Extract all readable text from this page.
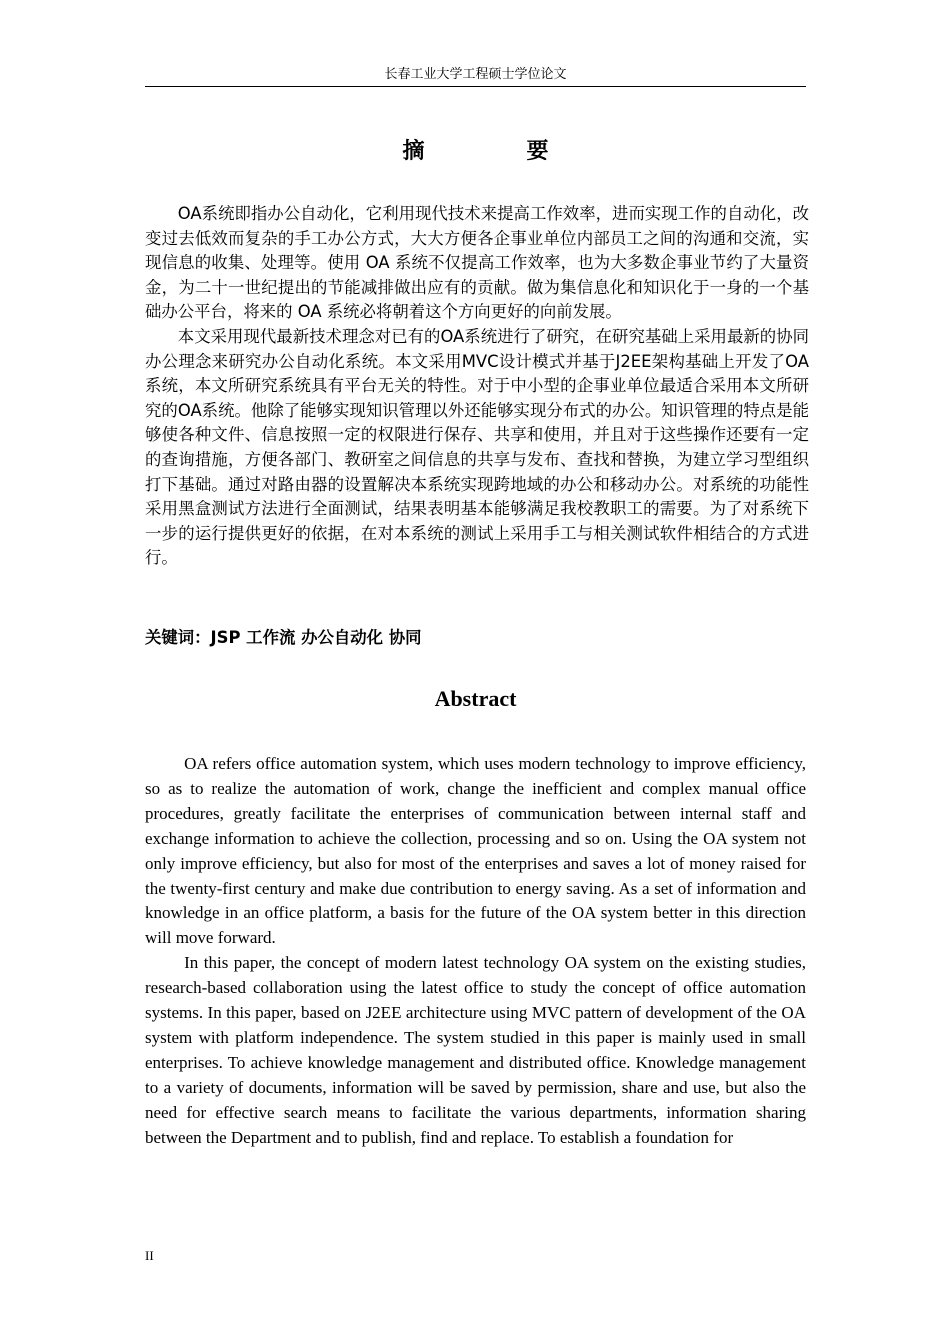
长春工业大学工程硕士学位论文
摘　要

OA系统即指办公自动化，它利用现代技术来提高工作效率，进而实现工作的自动化，改变过去低效而复杂的手工办公方式，大大方便各企事业单位内部员工之间的沟通和交流，实现信息的收集、处理等。使用 OA 系统不仅提高工作效率，也为大多数企事业节约了大量资金，为二十一世纪提出的节能减排做出应有的贡献。做为集信息化和知识化于一身的一个基础办公平台，将来的 OA 系统必将朝着这个方向更好的向前发展。

本文采用现代最新技术理念对已有的OA系统进行了研究，在研究基础上采用最新的协同办公理念来研究办公自动化系统。本文采用MVC设计模式并基于J2EE架构基础上开发了OA系统，本文所研究系统具有平台无关的特性。对于中小型的企事业单位最适合采用本文所研究的OA系统。他除了能够实现知识管理以外还能够实现分布式的办公。知识管理的特点是能够使各种文件、信息按照一定的权限进行保存、共享和使用，并且对于这些操作还要有一定的查询措施，方便各部门、教研室之间信息的共享与发布、查找和替换，为建立学习型组织打下基础。通过对路由器的设置解决本系统实现跨地域的办公和移动办公。对系统的功能性采用黑盒测试方法进行全面测试，结果表明基本能够满足我校教职工的需要。为了对系统下一步的运行提供更好的依据，在对本系统的测试上采用手工与相关测试软件相结合的方式进行。

关键词：JSP 工作流 办公自动化 协同
Abstract

OA refers office automation system, which uses modern technology to improve efficiency, so as to realize the automation of work, change the inefficient and complex manual office procedures, greatly facilitate the enterprises of communication between internal staff and exchange information to achieve the collection, processing and so on. Using the OA system not only improve efficiency, but also for most of the enterprises and saves a lot of money raised for the twenty-first century and make due contribution to energy saving. As a set of information and knowledge in an office platform, a basis for the future of the OA system better in this direction will move forward.

In this paper, the concept of modern latest technology OA system on the existing studies, research-based collaboration using the latest office to study the concept of office automation systems. In this paper, based on J2EE architecture using MVC pattern of development of the OA system with platform independence. The system studied in this paper is mainly used in small enterprises. To achieve knowledge management and distributed office. Knowledge management to a variety of documents, information will be saved by permission, share and use, but also the need for effective search means to facilitate the various departments, information sharing between the Department and to publish, find and replace. To establish a foundation for

II
